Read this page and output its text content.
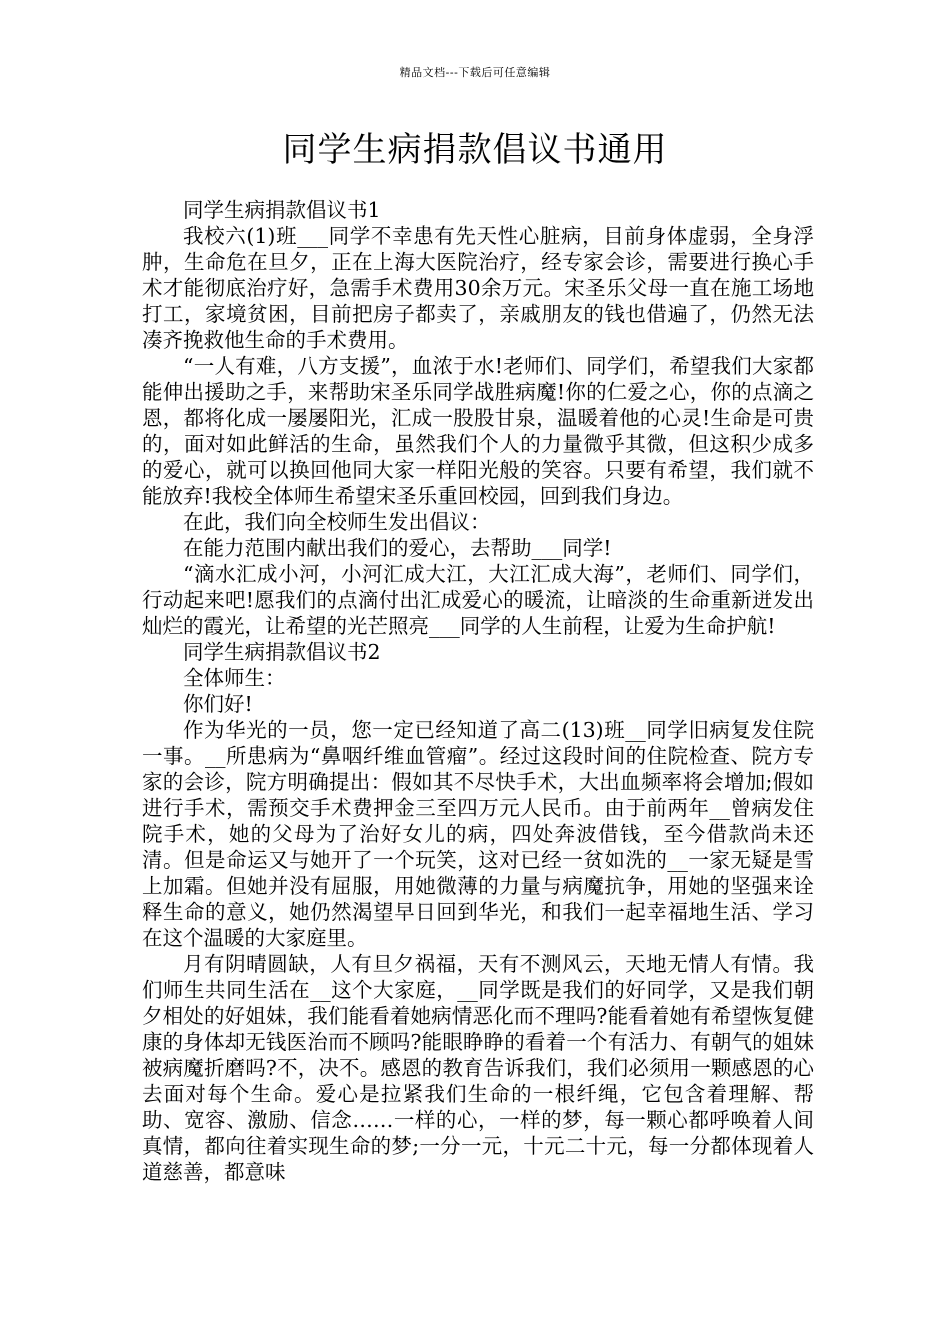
精品文档---下载后可任意编辑
同学生病捐款倡议书通用

同学生病捐款倡议书1

我校六(1)班___同学不幸患有先天性心脏病，目前身体虚弱，全身浮肿，生命危在旦夕，正在上海大医院治疗，经专家会诊，需要进行换心手术才能彻底治疗好，急需手术费用30余万元。宋圣乐父母一直在施工场地打工，家境贫困，目前把房子都卖了，亲戚朋友的钱也借遍了，仍然无法凑齐挽救他生命的手术费用。

“一人有难，八方支援”，血浓于水!老师们、同学们，希望我们大家都能伸出援助之手，来帮助宋圣乐同学战胜病魔!你的仁爱之心，你的点滴之恩，都将化成一屡屡阳光，汇成一股股甘泉，温暖着他的心灵!生命是可贵的，面对如此鲜活的生命，虽然我们个人的力量微乎其微，但这积少成多的爱心，就可以换回他同大家一样阳光般的笑容。只要有希望，我们就不能放弃!我校全体师生希望宋圣乐重回校园，回到我们身边。

在此，我们向全校师生发出倡议：

在能力范围内献出我们的爱心，去帮助___同学!

“滴水汇成小河，小河汇成大江，大江汇成大海”，老师们、同学们，行动起来吧!愿我们的点滴付出汇成爱心的暖流，让暗淡的生命重新迸发出灿烂的霞光，让希望的光芒照亮___同学的人生前程，让爱为生命护航!

同学生病捐款倡议书2

全体师生：

你们好!

作为华光的一员，您一定已经知道了高二(13)班__同学旧病复发住院一事。__所患病为“鼻咽纤维血管瘤”。经过这段时间的住院检查、院方专家的会诊，院方明确提出：假如其不尽快手术，大出血频率将会增加;假如进行手术，需预交手术费押金三至四万元人民币。由于前两年__曾病发住院手术，她的父母为了治好女儿的病，四处奔波借钱，至今借款尚未还清。但是命运又与她开了一个玩笑，这对已经一贫如洗的__一家无疑是雪上加霜。但她并没有屈服，用她微薄的力量与病魔抗争，用她的坚强来诠释生命的意义，她仍然渴望早日回到华光，和我们一起幸福地生活、学习在这个温暖的大家庭里。

月有阴晴圆缺，人有旦夕祸福，天有不测风云，天地无情人有情。我们师生共同生活在__这个大家庭，__同学既是我们的好同学，又是我们朝夕相处的好姐妹，我们能看着她病情恶化而不理吗?能看着她有希望恢复健康的身体却无钱医治而不顾吗?能眼睁睁的看着一个有活力、有朝气的姐妹被病魔折磨吗?不，决不。感恩的教育告诉我们，我们必须用一颗感恩的心去面对每个生命。爱心是拉紧我们生命的一根纤绳，它包含着理解、帮助、宽容、激励、信念……一样的心，一样的梦，每一颗心都呼唤着人间真情，都向往着实现生命的梦;一分一元，十元二十元，每一分都体现着人道慈善，都意味
